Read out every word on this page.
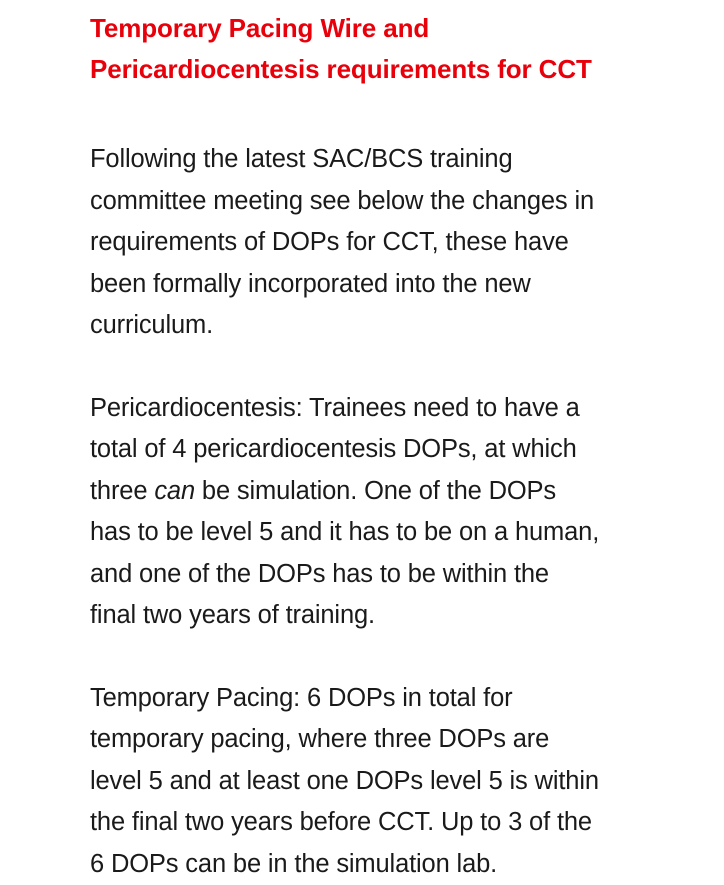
Temporary Pacing Wire and
Pericardiocentesis requirements for CCT

Following the latest SAC/BCS training
committee meeting see below the changes in
requirements of DOPs for CCT, these have
been formally incorporated into the new
curriculum.

Pericardiocentesis: Trainees need to have a
total of 4 pericardiocentesis DOPs, at which
three can be simulation. One of the DOPs
has to be level 5 and it has to be on a human,
and one of the DOPs has to be within the
final two years of training.

Temporary Pacing: 6 DOPs in total for
temporary pacing, where three DOPs are
level 5 and at least one DOPs level 5 is within
the final two years before CCT. Up to 3 of the
6 DOPs can be in the simulation lab.
